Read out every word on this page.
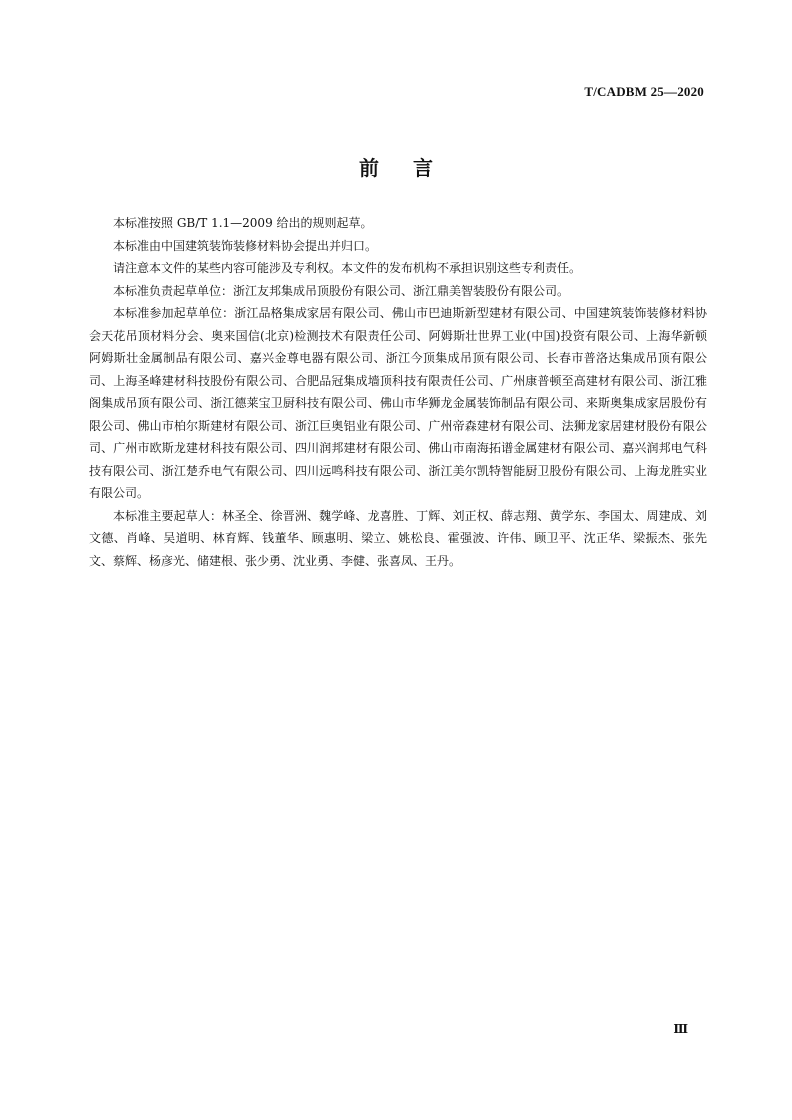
T/CADBM 25—2020
前言

本标准按照 GB/T 1.1—2009 给出的规则起草。

本标准由中国建筑装饰装修材料协会提出并归口。

请注意本文件的某些内容可能涉及专利权。本文件的发布机构不承担识别这些专利责任。

本标准负责起草单位：浙江友邦集成吊顶股份有限公司、浙江鼎美智装股份有限公司。

本标准参加起草单位：浙江品格集成家居有限公司、佛山市巴迪斯新型建材有限公司、中国建筑装饰装修材料协会天花吊顶材料分会、奥来国信(北京)检测技术有限责任公司、阿姆斯壮世界工业(中国)投资有限公司、上海华新顿阿姆斯壮金属制品有限公司、嘉兴金尊电器有限公司、浙江今顶集成吊顶有限公司、长春市普洛达集成吊顶有限公司、上海圣峰建材科技股份有限公司、合肥品冠集成墙顶科技有限责任公司、广州康普顿至高建材有限公司、浙江雅阁集成吊顶有限公司、浙江德莱宝卫厨科技有限公司、佛山市华狮龙金属装饰制品有限公司、来斯奥集成家居股份有限公司、佛山市柏尔斯建材有限公司、浙江巨奥铝业有限公司、广州帝森建材有限公司、法狮龙家居建材股份有限公司、广州市欧斯龙建材科技有限公司、四川润邦建材有限公司、佛山市南海拓谱金属建材有限公司、嘉兴润邦电气科技有限公司、浙江楚乔电气有限公司、四川远鸣科技有限公司、浙江美尔凯特智能厨卫股份有限公司、上海龙胜实业有限公司。

本标准主要起草人：林圣全、徐晋洲、魏学峰、龙喜胜、丁辉、刘正权、薛志翔、黄学东、李国太、周建成、刘文德、肖峰、吴道明、林育辉、钱董华、顾惠明、梁立、姚松良、霍强波、许伟、顾卫平、沈正华、梁振杰、张先文、蔡辉、杨彦光、储建根、张少勇、沈业勇、李健、张喜凤、王丹。

Ⅲ
